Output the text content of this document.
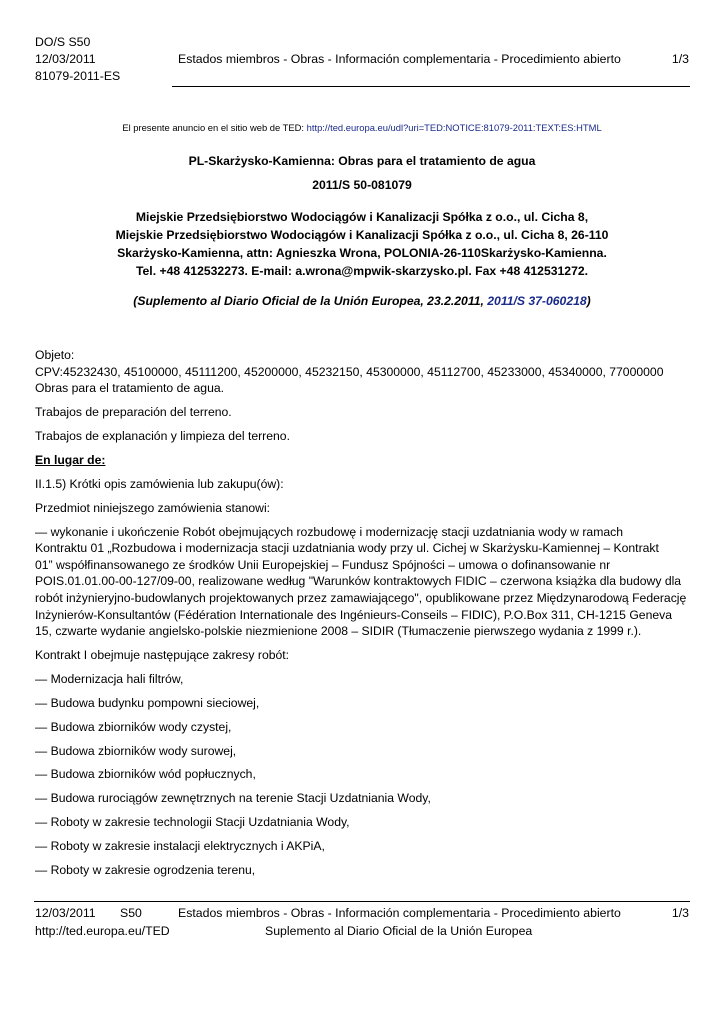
DO/S S50
12/03/2011
81079-2011-ES
Estados miembros - Obras - Información complementaria - Procedimiento abierto	1/3
El presente anuncio en el sitio web de TED: http://ted.europa.eu/udl?uri=TED:NOTICE:81079-2011:TEXT:ES:HTML
PL-Skarżysko-Kamienna: Obras para el tratamiento de agua
2011/S 50-081079
Miejskie Przedsiębiorstwo Wodociągów i Kanalizacji Spółka z o.o., ul. Cicha 8,
Miejskie Przedsiębiorstwo Wodociągów i Kanalizacji Spółka z o.o., ul. Cicha 8, 26-110
Skarżysko-Kamienna, attn: Agnieszka Wrona, POLONIA-26-110Skarżysko-Kamienna.
Tel. +48 412532273. E-mail: a.wrona@mpwik-skarzysko.pl. Fax +48 412531272.
(Suplemento al Diario Oficial de la Unión Europea, 23.2.2011, 2011/S 37-060218)

Objeto:
CPV:45232430, 45100000, 45111200, 45200000, 45232150, 45300000, 45112700, 45233000, 45340000, 77000000
Obras para el tratamiento de agua.

Trabajos de preparación del terreno.

Trabajos de explanación y limpieza del terreno.

En lugar de:

II.1.5) Krótki opis zamówienia lub zakupu(ów):

Przedmiot niniejszego zamówienia stanowi:

— wykonanie i ukończenie Robót obejmujących rozbudowę i modernizację stacji uzdatniania wody w ramach
Kontraktu 01 „Rozbudowa i modernizacja stacji uzdatniania wody przy ul. Cichej w Skarżysku-Kamiennej – Kontrakt
01” współfinansowanego ze środków Unii Europejskiej – Fundusz Spójności – umowa o dofinansowanie nr
POIS.01.01.00-00-127/09-00, realizowane według "Warunków kontraktowych FIDIC – czerwona książka dla budowy dla
robót inżynieryjno-budowlanych projektowanych przez zamawiającego", opublikowane przez Międzynarodową Federację
Inżynierów-Konsultantów (Fédération Internationale des Ingénieurs-Conseils – FIDIC), P.O.Box 311, CH-1215 Geneva
15, czwarte wydanie angielsko-polskie niezmienione 2008 – SIDIR (Tłumaczenie pierwszego wydania z 1999 r.).

Kontrakt I obejmuje następujące zakresy robót:

— Modernizacja hali filtrów,

— Budowa budynku pompowni sieciowej,

— Budowa zbiorników wody czystej,

— Budowa zbiorników wody surowej,

— Budowa zbiorników wód popłucznych,

— Budowa rurociągów zewnętrznych na terenie Stacji Uzdatniania Wody,

— Roboty w zakresie technologii Stacji Uzdatniania Wody,

— Roboty w zakresie instalacji elektrycznych i AKPiA,

— Roboty w zakresie ogrodzenia terenu,

12/03/2011 S50	Estados miembros - Obras - Información complementaria - Procedimiento abierto	1/3
http://ted.europa.eu/TED	Suplemento al Diario Oficial de la Unión Europea
